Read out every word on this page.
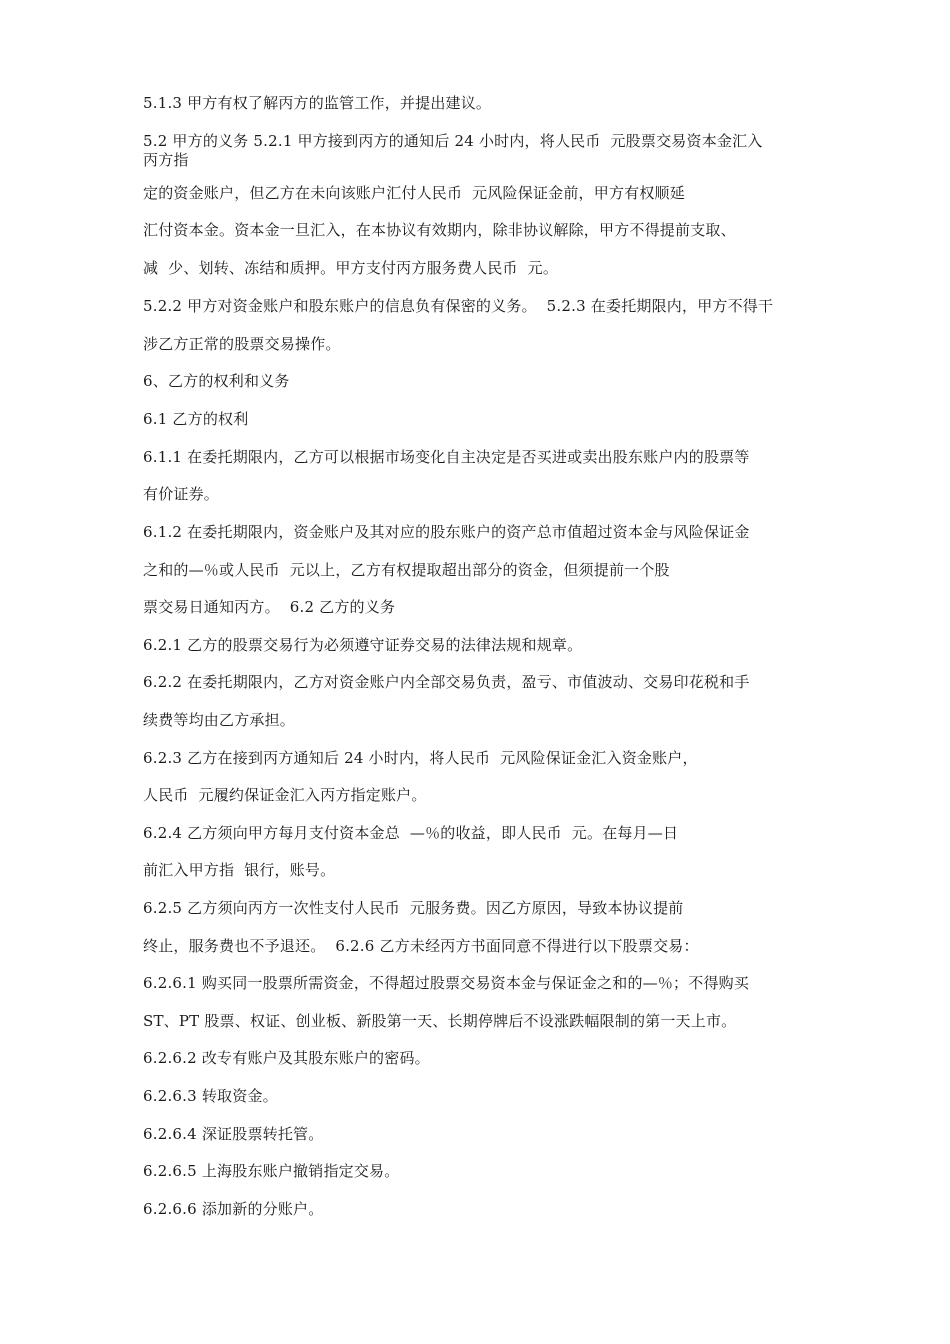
5.1.3 甲方有权了解丙方的监管工作，并提出建议。
5.2 甲方的义务 5.2.1 甲方接到丙方的通知后 24 小时内，将人民币  元股票交易资本金汇入
丙方指
定的资金账户，但乙方在未向该账户汇付人民币  元风险保证金前，甲方有权顺延
汇付资本金。资本金一旦汇入，在本协议有效期内，除非协议解除，甲方不得提前支取、
减  少、划转、冻结和质押。甲方支付丙方服务费人民币  元。
5.2.2 甲方对资金账户和股东账户的信息负有保密的义务。  5.2.3 在委托期限内，甲方不得干
涉乙方正常的股票交易操作。
6、乙方的权利和义务
6.1 乙方的权利
6.1.1 在委托期限内，乙方可以根据市场变化自主决定是否买进或卖出股东账户内的股票等
有价证券。
6.1.2 在委托期限内，资金账户及其对应的股东账户的资产总市值超过资本金与风险保证金
之和的—％或人民币  元以上，乙方有权提取超出部分的资金，但须提前一个股
票交易日通知丙方。  6.2 乙方的义务
6.2.1 乙方的股票交易行为必须遵守证券交易的法律法规和规章。
6.2.2 在委托期限内，乙方对资金账户内全部交易负责，盈亏、市值波动、交易印花税和手
续费等均由乙方承担。
6.2.3 乙方在接到丙方通知后 24 小时内，将人民币  元风险保证金汇入资金账户，
人民币  元履约保证金汇入丙方指定账户。
6.2.4 乙方须向甲方每月支付资本金总  —％的收益，即人民币  元。在每月—日
前汇入甲方指  银行，账号。
6.2.5 乙方须向丙方一次性支付人民币  元服务费。因乙方原因，导致本协议提前
终止，服务费也不予退还。  6.2.6 乙方未经丙方书面同意不得进行以下股票交易：
6.2.6.1 购买同一股票所需资金，不得超过股票交易资本金与保证金之和的—％；不得购买
ST、PT 股票、权证、创业板、新股第一天、长期停牌后不设涨跌幅限制的第一天上市。
6.2.6.2 改专有账户及其股东账户的密码。
6.2.6.3 转取资金。
6.2.6.4 深证股票转托管。
6.2.6.5 上海股东账户撤销指定交易。
6.2.6.6 添加新的分账户。
